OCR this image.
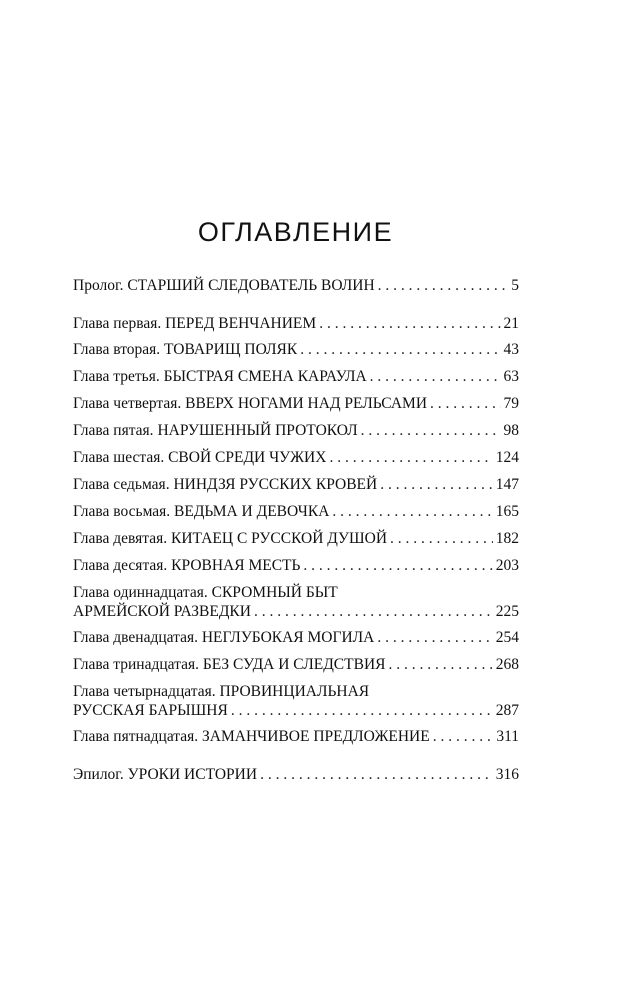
ОГЛАВЛЕНИЕ
Пролог. СТАРШИЙ СЛЕДОВАТЕЛЬ ВОЛИН . . .	5
Глава первая. ПЕРЕД ВЕНЧАНИЕМ . . .	21
Глава вторая. ТОВАРИЩ ПОЛЯК . . .	43
Глава третья. БЫСТРАЯ СМЕНА КАРАУЛА . . .	63
Глава четвертая. ВВЕРХ НОГАМИ НАД РЕЛЬСАМИ . . .	79
Глава пятая. НАРУШЕННЫЙ ПРОТОКОЛ . . .	98
Глава шестая. СВОЙ СРЕДИ ЧУЖИХ . . .	124
Глава седьмая. НИНДЗЯ РУССКИХ КРОВЕЙ . . .	147
Глава восьмая. ВЕДЬМА И ДЕВОЧКА . . .	165
Глава девятая. КИТАЕЦ С РУССКОЙ ДУШОЙ . . .	182
Глава десятая. КРОВНАЯ МЕСТЬ . . .	203
Глава одиннадцатая. СКРОМНЫЙ БЫТ
АРМЕЙСКОЙ РАЗВЕДКИ . . .	225
Глава двенадцатая. НЕГЛУБОКАЯ МОГИЛА . . .	254
Глава тринадцатая. БЕЗ СУДА И СЛЕДСТВИЯ . . .	268
Глава четырнадцатая. ПРОВИНЦИАЛЬНАЯ
РУССКАЯ БАРЫШНЯ . . .	287
Глава пятнадцатая. ЗАМАНЧИВОЕ ПРЕДЛОЖЕНИЕ . . .	311
Эпилог. УРОКИ ИСТОРИИ . . .	316
